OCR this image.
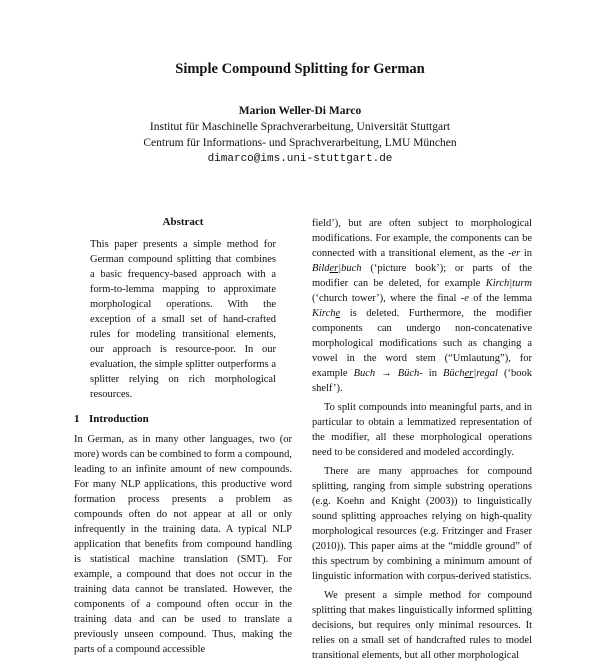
Simple Compound Splitting for German
Marion Weller-Di Marco
Institut für Maschinelle Sprachverarbeitung, Universität Stuttgart
Centrum für Informations- und Sprachverarbeitung, LMU München
dimarco@ims.uni-stuttgart.de
Abstract

This paper presents a simple method for German compound splitting that combines a basic frequency-based approach with a form-to-lemma mapping to approximate morphological operations. With the exception of a small set of hand-crafted rules for modeling transitional elements, our approach is resource-poor. In our evaluation, the simple splitter outperforms a splitter relying on rich morphological resources.

1 Introduction

In German, as in many other languages, two (or more) words can be combined to form a compound, leading to an infinite amount of new compounds. For many NLP applications, this productive word formation process presents a problem as compounds often do not appear at all or only infrequently in the training data. A typical NLP application that benefits from compound handling is statistical machine translation (SMT). For example, a compound that does not occur in the training data cannot be translated. However, the components of a compound often occur in the training data and can be used to translate a previously unseen compound. Thus, making the parts of a compound accessible

field’), but are often subject to morphological modifications. For example, the components can be connected with a transitional element, as the -er in Bilder|buch (‘picture book’); or parts of the modifier can be deleted, for example Kirch|turm (‘church tower’), where the final -e of the lemma Kirche is deleted. Furthermore, the modifier components can undergo non-concatenative morphological modifications such as changing a vowel in the word stem (“Umlautung”), for example Buch → Büch- in Bücher|regal (‘book shelf’).

To split compounds into meaningful parts, and in particular to obtain a lemmatized representation of the modifier, all these morphological operations need to be considered and modeled accordingly.

There are many approaches for compound splitting, ranging from simple substring operations (e.g. Koehn and Knight (2003)) to linguistically sound splitting approaches relying on high-quality morphological resources (e.g. Fritzinger and Fraser (2010)). This paper aims at the “middle ground” of this spectrum by combining a minimum amount of linguistic information with corpus-derived statistics.

We present a simple method for compound splitting that makes linguistically informed splitting decisions, but requires only minimal resources. It relies on a small set of handcrafted rules to model transitional elements, but all other morphological
